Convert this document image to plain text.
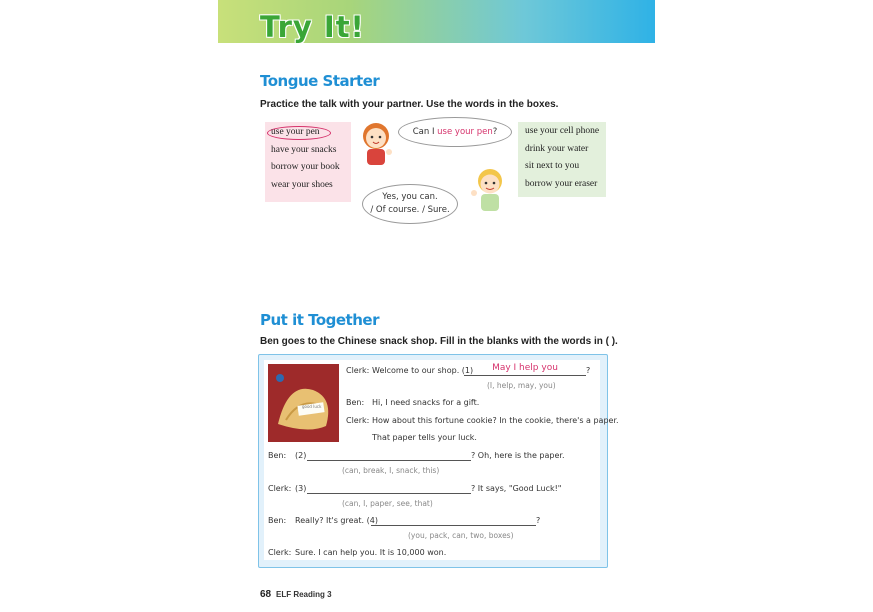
Try It!
Tongue Starter
Practice the talk with your partner. Use the words in the boxes.
use your pen
have your snacks
borrow your book
wear your shoes
use your cell phone
drink your water
sit next to you
borrow your eraser
Can I use your pen?
Yes, you can.
/ Of course. / Sure.
Put it Together
Ben goes to the Chinese snack shop. Fill in the blanks with the words in ( ).
good luck
Clerk: Welcome to our shop. (1)	May I help you	?
(I, help, may, you)
Ben: Hi, I need snacks for a gift.
Clerk: How about this fortune cookie? In the cookie, there's a paper.
That paper tells your luck.
Ben: (2)	? Oh, here is the paper.
(can, break, I, snack, this)
Clerk: (3)	? It says, "Good Luck!"
(can, I, paper, see, that)
Ben: Really? It's great. (4)	?
(you, pack, can, two, boxes)
Clerk: Sure. I can help you. It is 10,000 won.
68 ELF Reading 3
